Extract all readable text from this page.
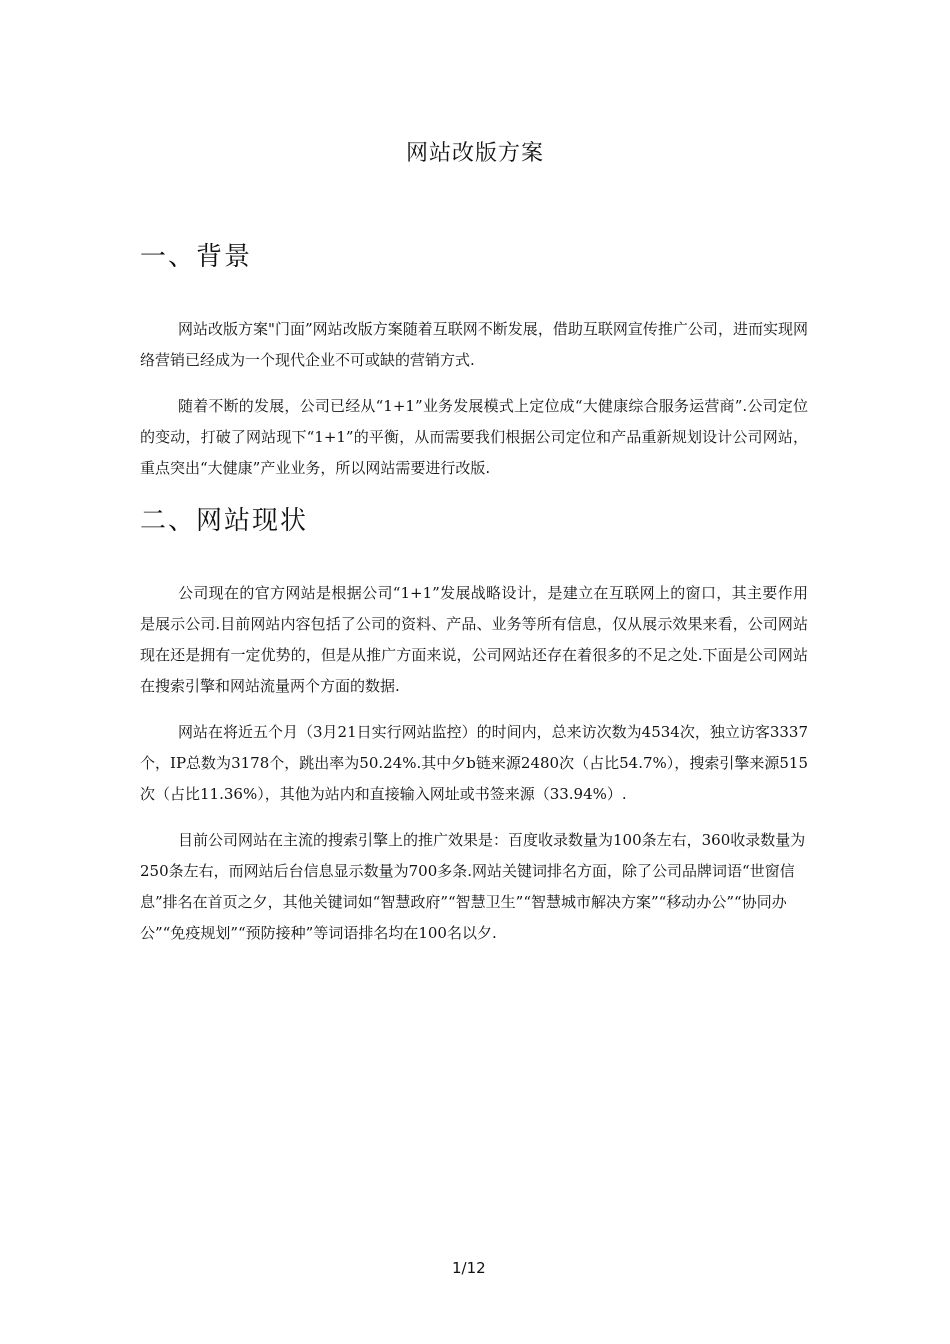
网站改版方案
一、背景

网站改版方案"门面”网站改版方案随着互联网不断发展，借助互联网宣传推广公司，进而实现网络营销已经成为一个现代企业不可或缺的营销方式.

随着不断的发展，公司已经从“1+1”业务发展模式上定位成“大健康综合服务运营商”.公司定位的变动，打破了网站现下“1+1”的平衡，从而需要我们根据公司定位和产品重新规划设计公司网站，重点突出“大健康”产业业务，所以网站需要进行改版.

二、网站现状

公司现在的官方网站是根据公司“1+1”发展战略设计，是建立在互联网上的窗口，其主要作用是展示公司.目前网站内容包括了公司的资料、产品、业务等所有信息，仅从展示效果来看，公司网站现在还是拥有一定优势的，但是从推广方面来说，公司网站还存在着很多的不足之处.下面是公司网站在搜索引擎和网站流量两个方面的数据.

网站在将近五个月（3月21日实行网站监控）的时间内，总来访次数为4534次，独立访客3337个，IP总数为3178个，跳出率为50.24%.其中夕b链来源2480次（占比54.7%），搜索引擎来源515次（占比11.36%），其他为站内和直接输入网址或书签来源（33.94%）.

目前公司网站在主流的搜索引擎上的推广效果是：百度收录数量为100条左右，360收录数量为250条左右，而网站后台信息显示数量为700多条.网站关键词排名方面，除了公司品牌词语“世窗信息”排名在首页之夕，其他关键词如“智慧政府”“智慧卫生”“智慧城市解决方案”“移动办公”“协同办公”“免疫规划”“预防接种”等词语排名均在100名以夕.

1/12
